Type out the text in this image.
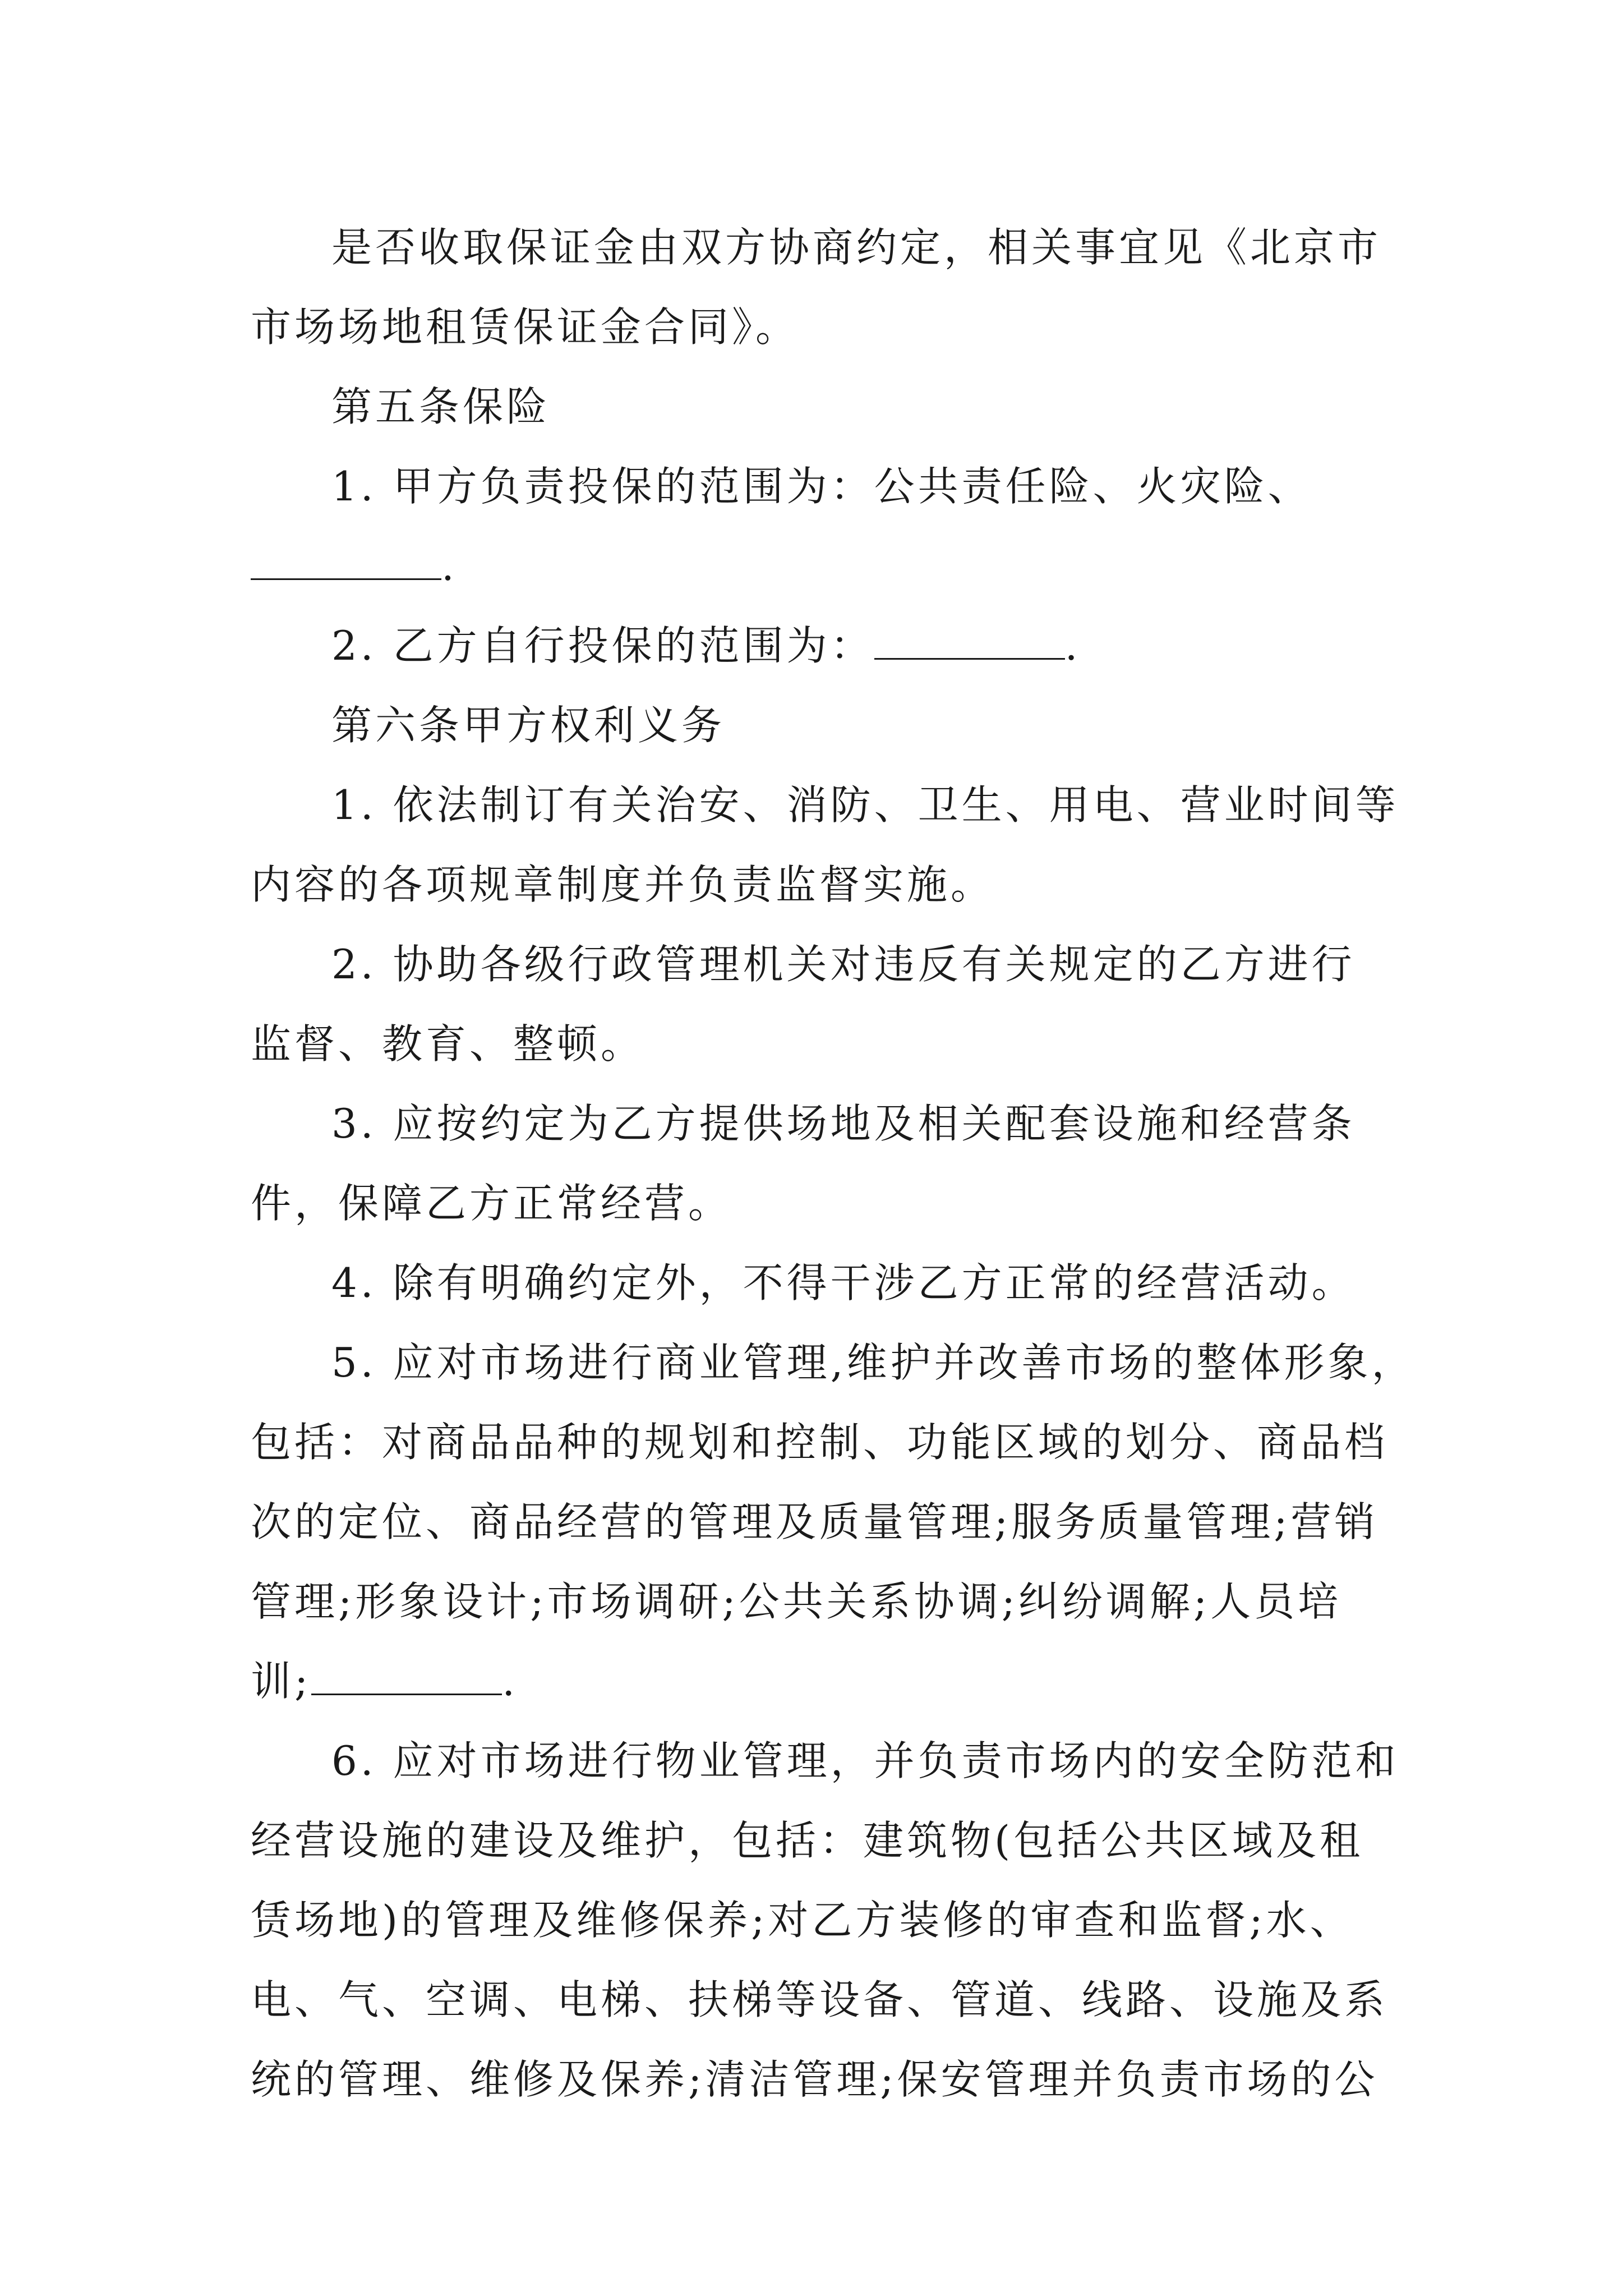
是否收取保证金由双方协商约定，相关事宜见《北京市
市场场地租赁保证金合同》。
第五条保险
1. 甲方负责投保的范围为：公共责任险、火灾险、
.
2. 乙方自行投保的范围为：	.
第六条甲方权利义务
1. 依法制订有关治安、消防、卫生、用电、营业时间等
内容的各项规章制度并负责监督实施。
2. 协助各级行政管理机关对违反有关规定的乙方进行
监督、教育、整顿。
3. 应按约定为乙方提供场地及相关配套设施和经营条
件，保障乙方正常经营。
4. 除有明确约定外，不得干涉乙方正常的经营活动。
5. 应对市场进行商业管理,维护并改善市场的整体形象，
包括：对商品品种的规划和控制、功能区域的划分、商品档
次的定位、商品经营的管理及质量管理;服务质量管理;营销
管理;形象设计;市场调研;公共关系协调;纠纷调解;人员培
训;	.
6. 应对市场进行物业管理，并负责市场内的安全防范和
经营设施的建设及维护，包括：建筑物(包括公共区域及租
赁场地)的管理及维修保养;对乙方装修的审查和监督;水、
电、气、空调、电梯、扶梯等设备、管道、线路、设施及系
统的管理、维修及保养;清洁管理;保安管理并负责市场的公
